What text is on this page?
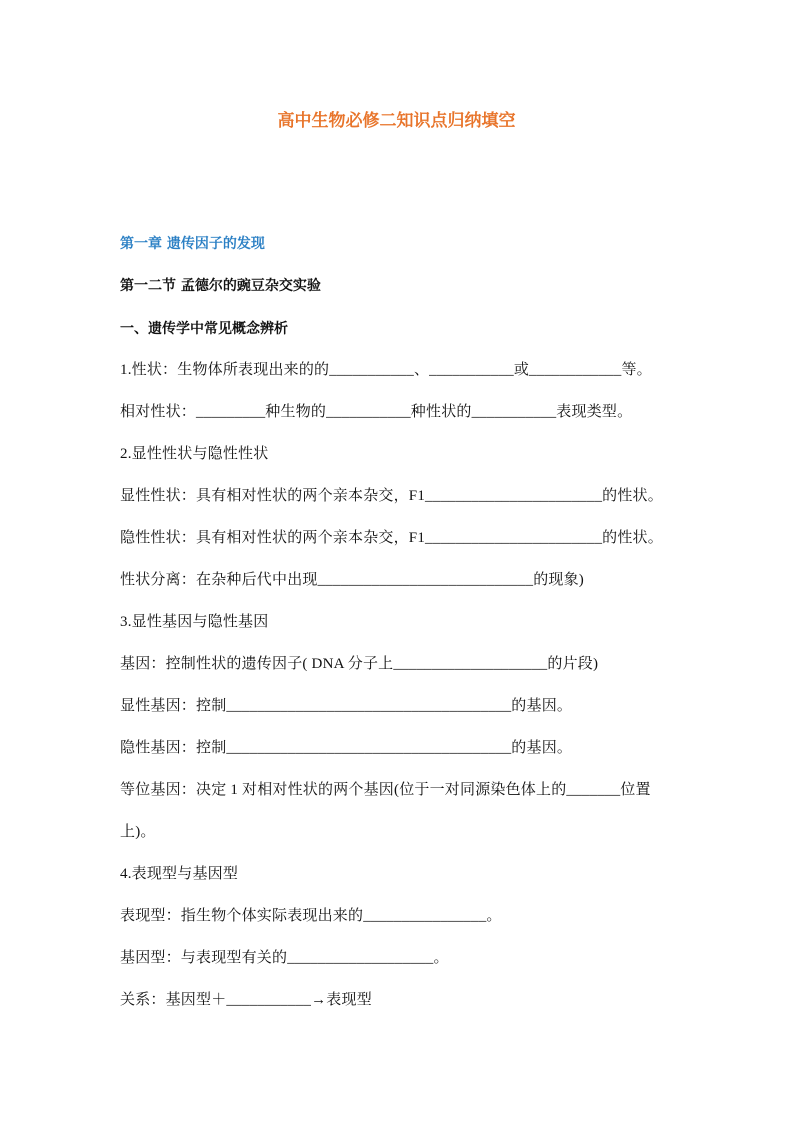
高中生物必修二知识点归纳填空
第一章 遗传因子的发现
第一二节 孟德尔的豌豆杂交实验
一、遗传学中常见概念辨析
1.性状：生物体所表现出来的的___________、___________或____________等。
相对性状：_________种生物的___________种性状的___________表现类型。
2.显性性状与隐性性状
显性性状：具有相对性状的两个亲本杂交，F1_______________________的性状。
隐性性状：具有相对性状的两个亲本杂交，F1_______________________的性状。
性状分离：在杂种后代中出现____________________________的现象)
3.显性基因与隐性基因
基因：控制性状的遗传因子( DNA 分子上____________________的片段)
显性基因：控制_____________________________________的基因。
隐性基因：控制_____________________________________的基因。
等位基因：决定 1 对相对性状的两个基因(位于一对同源染色体上的_______位置
上)。
4.表现型与基因型
表现型：指生物个体实际表现出来的________________。
基因型：与表现型有关的___________________。
关系：基因型＋___________→表现型
